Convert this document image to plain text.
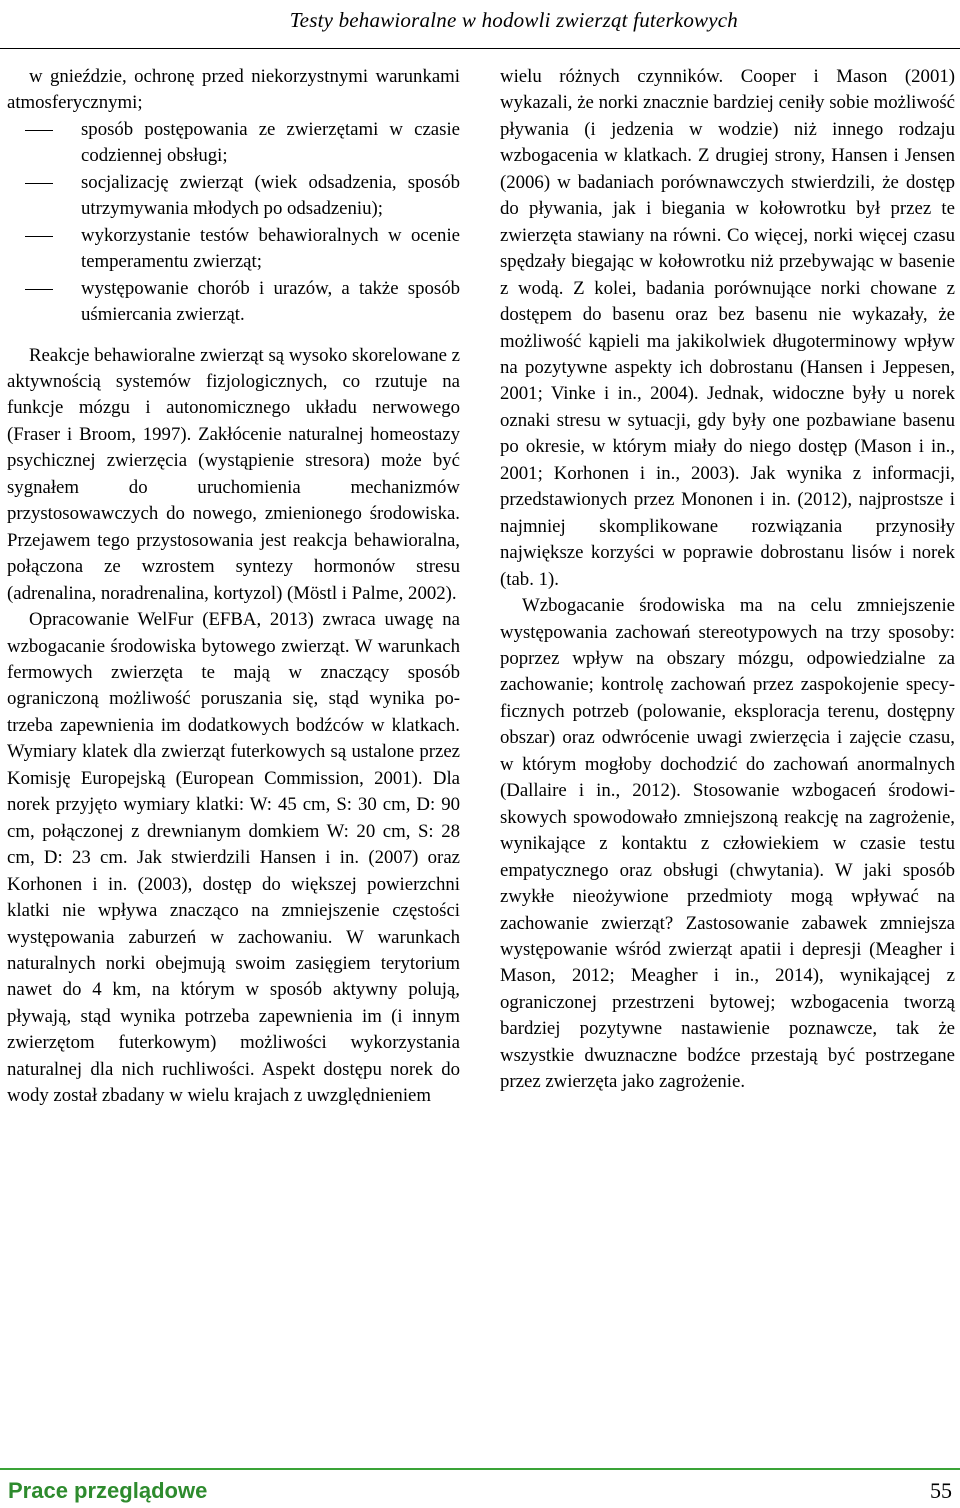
Testy behawioralne w hodowli zwierząt futerkowych

w gnieździe, ochronę przed niekorzystnymi warunkami atmosferycznymi;

sposób postępowania ze zwierzętami w czasie codziennej obsługi;
socjalizację zwierząt (wiek odsadzenia, sposób utrzymywania młodych po odsadzeniu);
wykorzystanie testów behawioralnych w ocenie temperamentu zwierząt;
występowanie chorób i urazów, a także sposób uśmiercania zwierząt.

Reakcje behawioralne zwierząt są wysoko skorelowane z aktywnością systemów fizjologicznych, co rzutuje na funkcje mózgu i autonomicznego układu nerwowego (Fraser i Broom, 1997). Zakłócenie naturalnej homeostazy psychicznej zwierzęcia (wystąpienie stresora) może być sygnałem do uruchomienia mechanizmów przystosowawczych do nowego, zmienionego środowiska. Przejawem tego przystosowania jest reakcja behawioralna, połączona ze wzrostem syntezy hormonów stresu (adrenalina, noradrenalina, kortyzol) (Möstl i Palme, 2002).

Opracowanie WelFur (EFBA, 2013) zwraca uwagę na wzbogacanie środowiska bytowego zwierząt. W warunkach fermowych zwierzęta te mają w znaczący sposób ograniczoną możliwość poruszania się, stąd wynika potrzeba zapewnienia im dodatkowych bodźców w klatkach. Wymiary klatek dla zwierząt futerkowych są ustalone przez Komisję Europejską (European Commission, 2001). Dla norek przyjęto wymiary klatki: W: 45 cm, S: 30 cm, D: 90 cm, połączonej z drewnianym domkiem W: 20 cm, S: 28 cm, D: 23 cm. Jak stwierdzili Hansen i in. (2007) oraz Korhonen i in. (2003), dostęp do większej powierzchni klatki nie wpływa znacząco na zmniejszenie częstości występowania zaburzeń w zachowaniu. W warunkach naturalnych norki obejmują swoim zasięgiem terytorium nawet do 4 km, na którym w sposób aktywny polują, pływają, stąd wynika potrzeba zapewnienia im (i innym zwierzętom futerkowym) możliwości wykorzystania naturalnej dla nich ruchliwości. Aspekt dostępu norek do wody został zbadany w wielu krajach z uwzględnieniem

wielu różnych czynników. Cooper i Mason (2001) wykazali, że norki znacznie bardziej ceniły sobie możliwość pływania (i jedzenia w wodzie) niż innego rodzaju wzbogacenia w klatkach. Z drugiej strony, Hansen i Jensen (2006) w badaniach porównawczych stwierdzili, że dostęp do pływania, jak i biegania w kołowrotku był przez te zwierzęta stawiany na równi. Co więcej, norki więcej czasu spędzały biegając w kołowrotku niż przebywając w basenie z wodą. Z kolei, badania porównujące norki chowane z dostępem do basenu oraz bez basenu nie wykazały, że możliwość kąpieli ma jakikolwiek długoterminowy wpływ na pozytywne aspekty ich dobrostanu (Hansen i Jeppesen, 2001; Vinke i in., 2004). Jednak, widoczne były u norek oznaki stresu w sytuacji, gdy były one pozbawiane basenu po okresie, w którym miały do niego dostęp (Mason i in., 2001; Korhonen i in., 2003). Jak wynika z informacji, przedstawionych przez Mononen i in. (2012), najprostsze i najmniej skomplikowane rozwiązania przynosiły największe korzyści w poprawie dobrostanu lisów i norek (tab. 1).

Wzbogacanie środowiska ma na celu zmniejszenie występowania zachowań stereotypowych na trzy sposoby: poprzez wpływ na obszary mózgu, odpowiedzialne za zachowanie; kontrolę zachowań przez zaspokojenie specyficznych potrzeb (polowanie, eksploracja terenu, dostępny obszar) oraz odwrócenie uwagi zwierzęcia i zajęcie czasu, w którym mogłoby dochodzić do zachowań anormalnych (Dallaire i in., 2012). Stosowanie wzbogaceń środowiskowych spowodowało zmniejszoną reakcję na zagrożenie, wynikające z kontaktu z człowiekiem w czasie testu empatycznego oraz obsługi (chwytania). W jaki sposób zwykłe nieożywione przedmioty mogą wpływać na zachowanie zwierząt? Zastosowanie zabawek zmniejsza występowanie wśród zwierząt apatii i depresji (Meagher i Mason, 2012; Meagher i in., 2014), wynikającej z ograniczonej przestrzeni bytowej; wzbogacenia tworzą bardziej pozytywne nastawienie poznawcze, tak że wszystkie dwuznaczne bodźce przestają być postrzegane przez zwierzęta jako zagrożenie.

Prace przeglądowe	55
